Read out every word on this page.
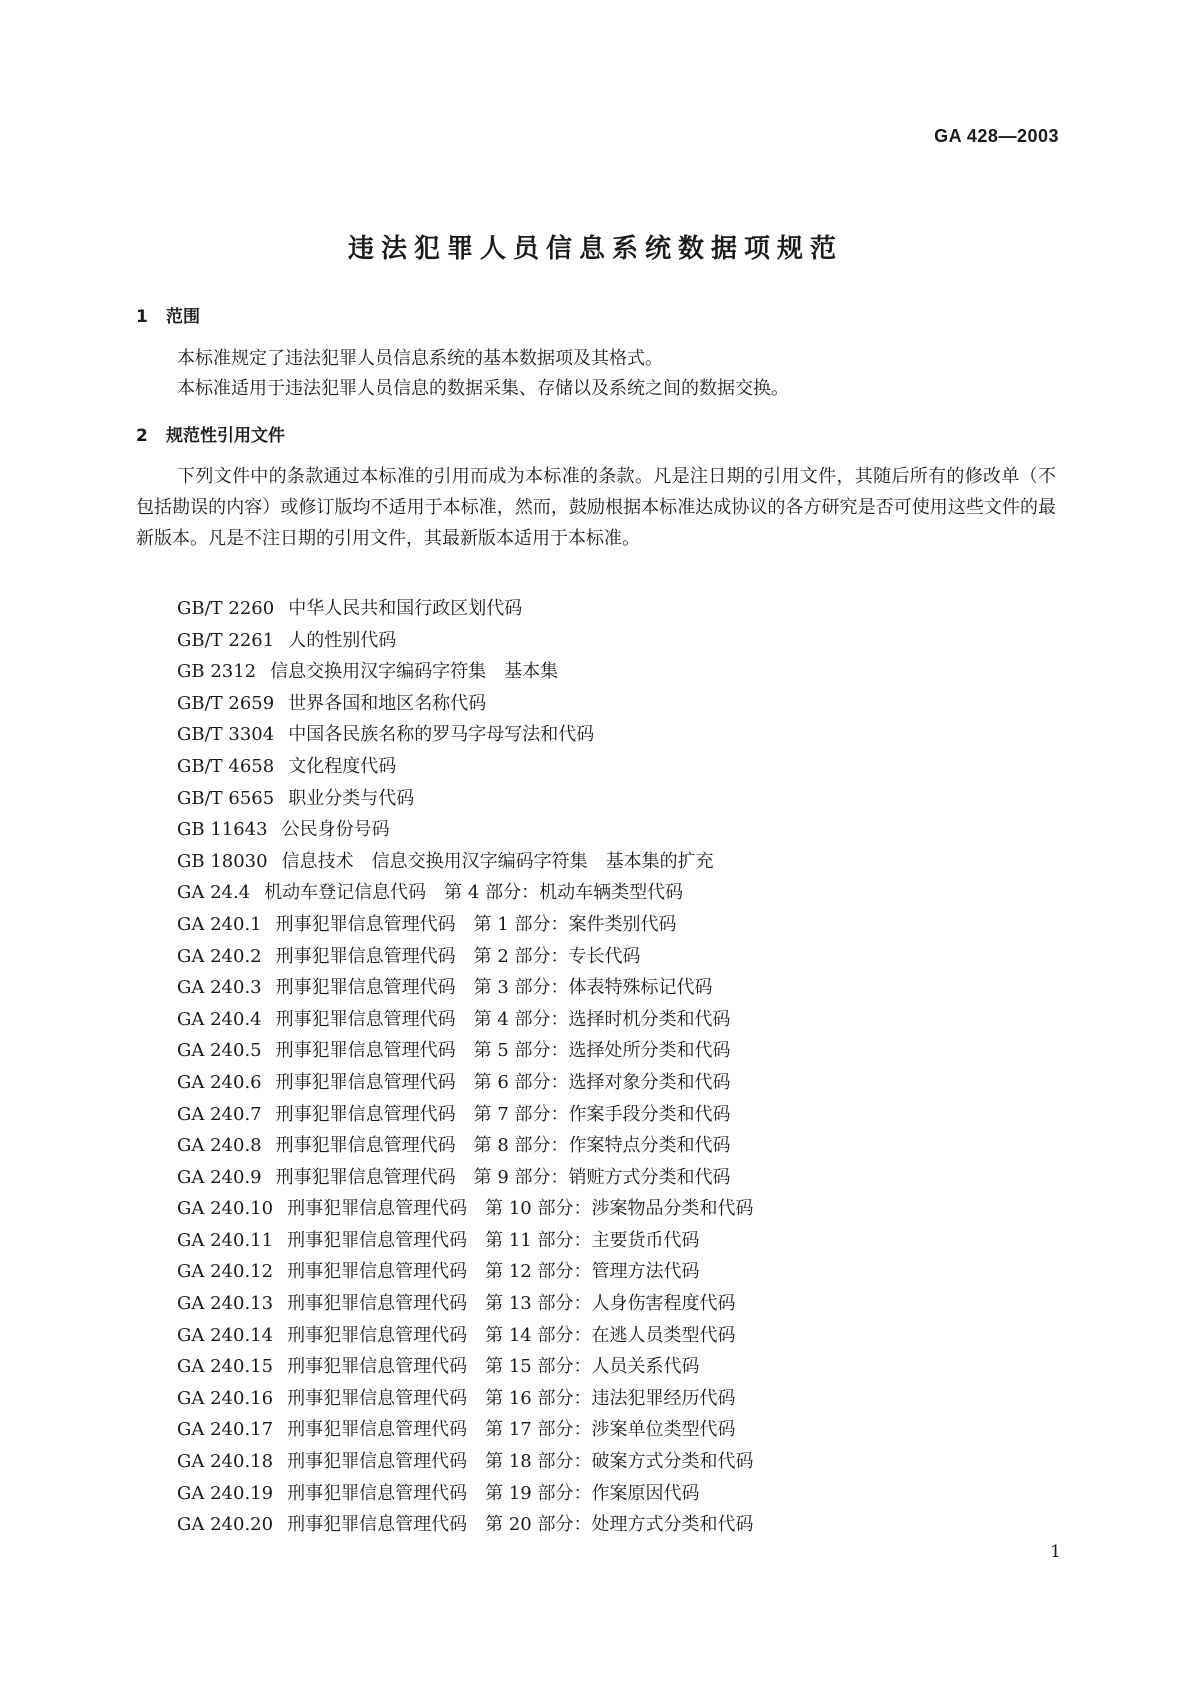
GA 428—2003
违法犯罪人员信息系统数据项规范
1 范围

本标准规定了违法犯罪人员信息系统的基本数据项及其格式。

本标准适用于违法犯罪人员信息的数据采集、存储以及系统之间的数据交换。

2 规范性引用文件

下列文件中的条款通过本标准的引用而成为本标准的条款。凡是注日期的引用文件，其随后所有的修改单（不包括勘误的内容）或修订版均不适用于本标准，然而，鼓励根据本标准达成协议的各方研究是否可使用这些文件的最新版本。凡是不注日期的引用文件，其最新版本适用于本标准。

GB/T 2260 中华人民共和国行政区划代码
GB/T 2261 人的性别代码
GB 2312 信息交换用汉字编码字符集　基本集
GB/T 2659 世界各国和地区名称代码
GB/T 3304 中国各民族名称的罗马字母写法和代码
GB/T 4658 文化程度代码
GB/T 6565 职业分类与代码
GB 11643 公民身份号码
GB 18030 信息技术　信息交换用汉字编码字符集　基本集的扩充
GA 24.4 机动车登记信息代码　第 4 部分：机动车辆类型代码
GA 240.1 刑事犯罪信息管理代码　第 1 部分：案件类别代码
GA 240.2 刑事犯罪信息管理代码　第 2 部分：专长代码
GA 240.3 刑事犯罪信息管理代码　第 3 部分：体表特殊标记代码
GA 240.4 刑事犯罪信息管理代码　第 4 部分：选择时机分类和代码
GA 240.5 刑事犯罪信息管理代码　第 5 部分：选择处所分类和代码
GA 240.6 刑事犯罪信息管理代码　第 6 部分：选择对象分类和代码
GA 240.7 刑事犯罪信息管理代码　第 7 部分：作案手段分类和代码
GA 240.8 刑事犯罪信息管理代码　第 8 部分：作案特点分类和代码
GA 240.9 刑事犯罪信息管理代码　第 9 部分：销赃方式分类和代码
GA 240.10 刑事犯罪信息管理代码　第 10 部分：涉案物品分类和代码
GA 240.11 刑事犯罪信息管理代码　第 11 部分：主要货币代码
GA 240.12 刑事犯罪信息管理代码　第 12 部分：管理方法代码
GA 240.13 刑事犯罪信息管理代码　第 13 部分：人身伤害程度代码
GA 240.14 刑事犯罪信息管理代码　第 14 部分：在逃人员类型代码
GA 240.15 刑事犯罪信息管理代码　第 15 部分：人员关系代码
GA 240.16 刑事犯罪信息管理代码　第 16 部分：违法犯罪经历代码
GA 240.17 刑事犯罪信息管理代码　第 17 部分：涉案单位类型代码
GA 240.18 刑事犯罪信息管理代码　第 18 部分：破案方式分类和代码
GA 240.19 刑事犯罪信息管理代码　第 19 部分：作案原因代码
GA 240.20 刑事犯罪信息管理代码　第 20 部分：处理方式分类和代码
1
